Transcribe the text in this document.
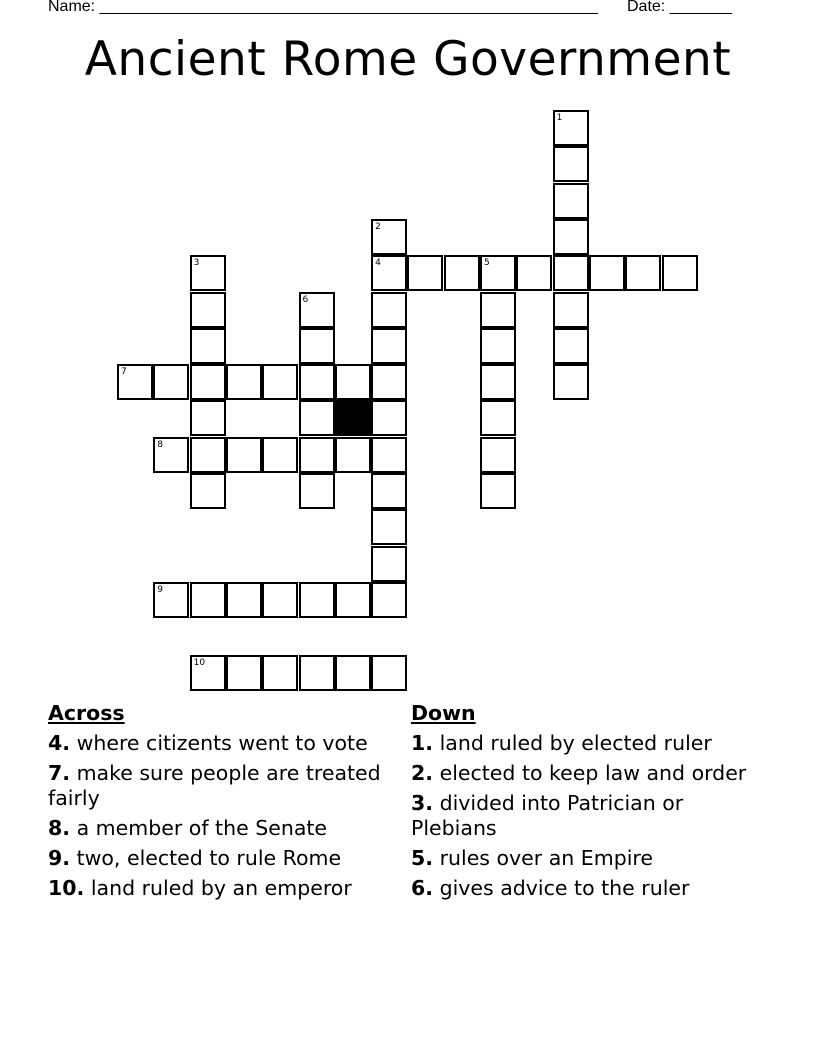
Name: ________________________________________________________ Date: _______
Ancient Rome Government
4	5
7
8
9
10
1
2
3
6
Across
4. where citizents went to vote
7. make sure people are treated fairly
8. a member of the Senate
9. two, elected to rule Rome
10. land ruled by an emperor
Down
1. land ruled by elected ruler
2. elected to keep law and order
3. divided into Patrician or Plebians
5. rules over an Empire
6. gives advice to the ruler
